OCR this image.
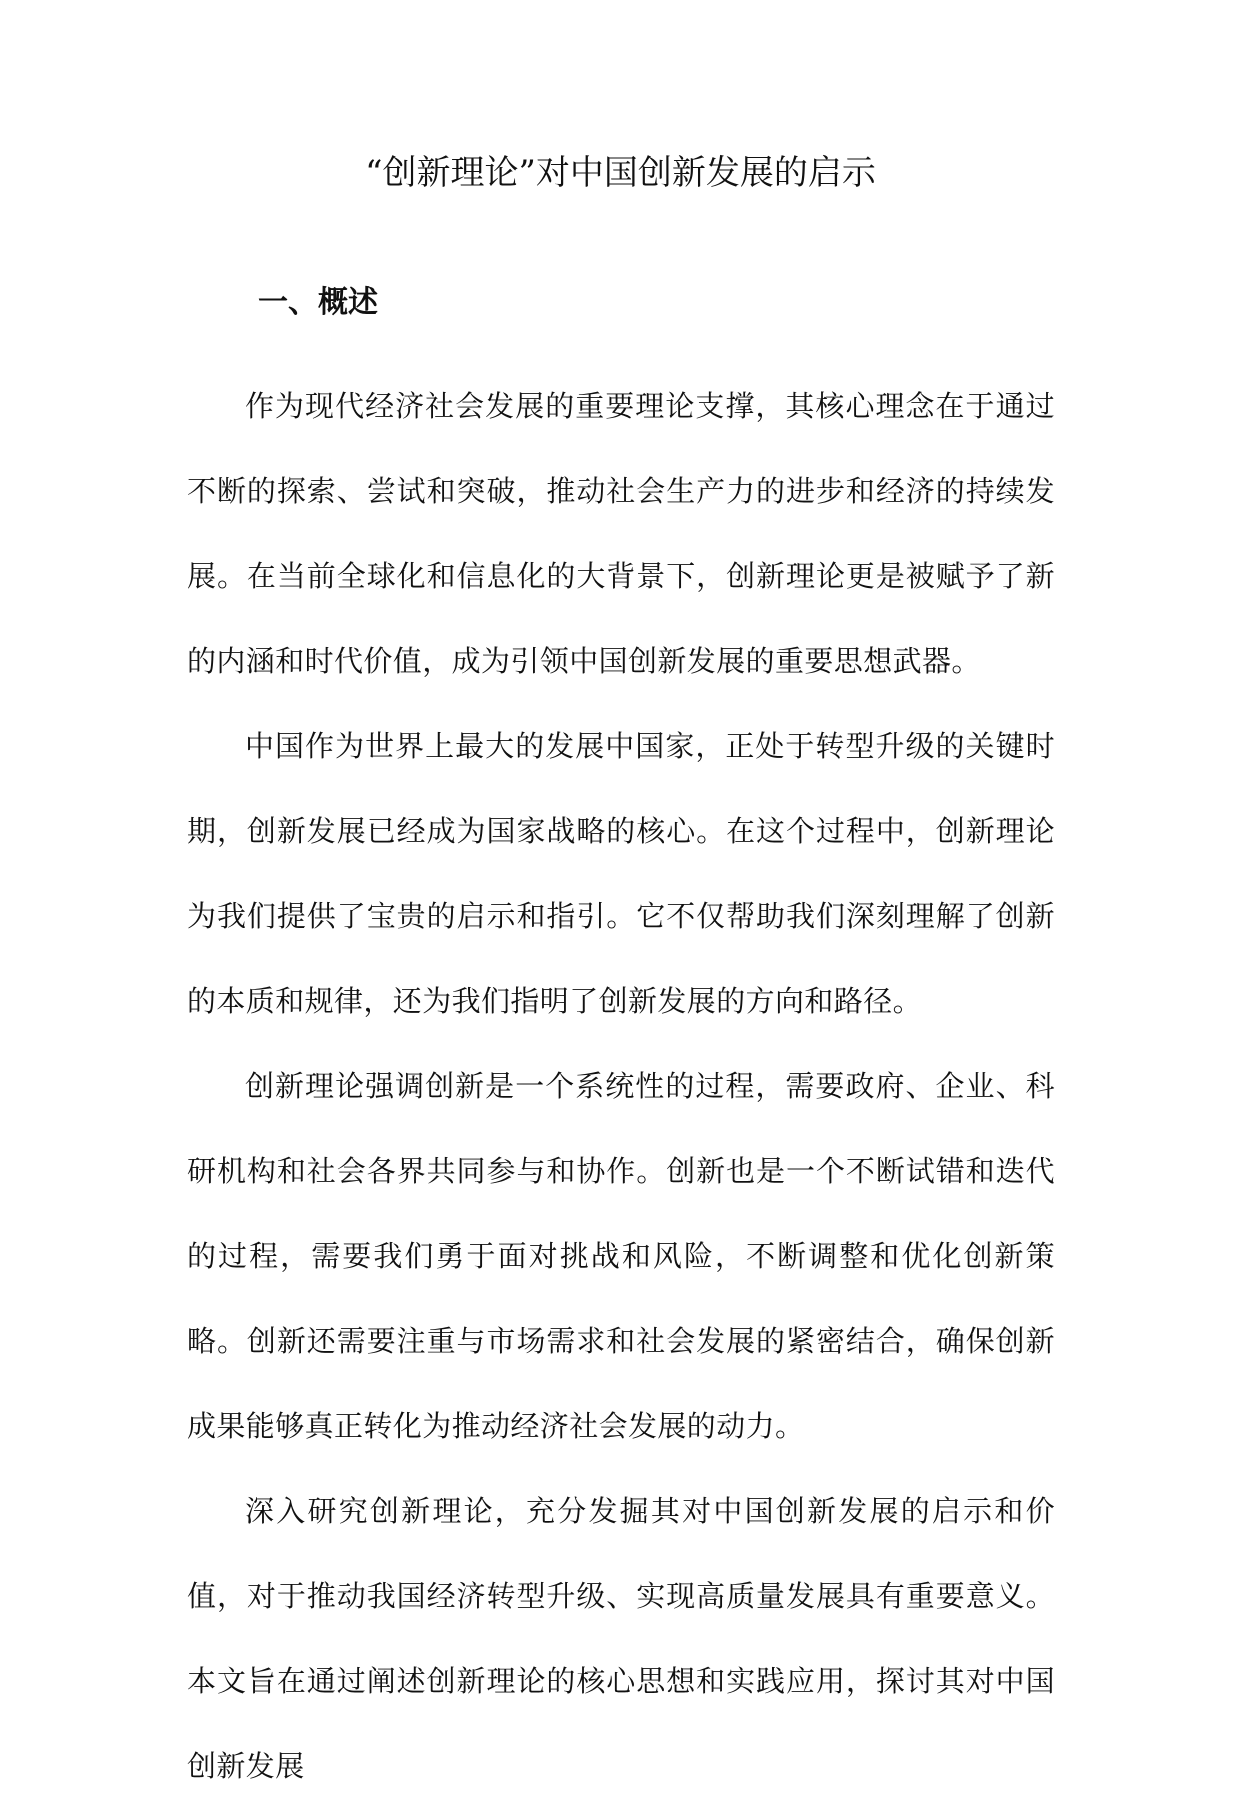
“创新理论”对中国创新发展的启示
一、概述

作为现代经济社会发展的重要理论支撑，其核心理念在于通过不断的探索、尝试和突破，推动社会生产力的进步和经济的持续发展。在当前全球化和信息化的大背景下，创新理论更是被赋予了新的内涵和时代价值，成为引领中国创新发展的重要思想武器。

中国作为世界上最大的发展中国家，正处于转型升级的关键时期，创新发展已经成为国家战略的核心。在这个过程中，创新理论为我们提供了宝贵的启示和指引。它不仅帮助我们深刻理解了创新的本质和规律，还为我们指明了创新发展的方向和路径。

创新理论强调创新是一个系统性的过程，需要政府、企业、科研机构和社会各界共同参与和协作。创新也是一个不断试错和迭代的过程，需要我们勇于面对挑战和风险，不断调整和优化创新策略。创新还需要注重与市场需求和社会发展的紧密结合，确保创新成果能够真正转化为推动经济社会发展的动力。

深入研究创新理论，充分发掘其对中国创新发展的启示和价值，对于推动我国经济转型升级、实现高质量发展具有重要意义。本文旨在通过阐述创新理论的核心思想和实践应用，探讨其对中国创新发展
